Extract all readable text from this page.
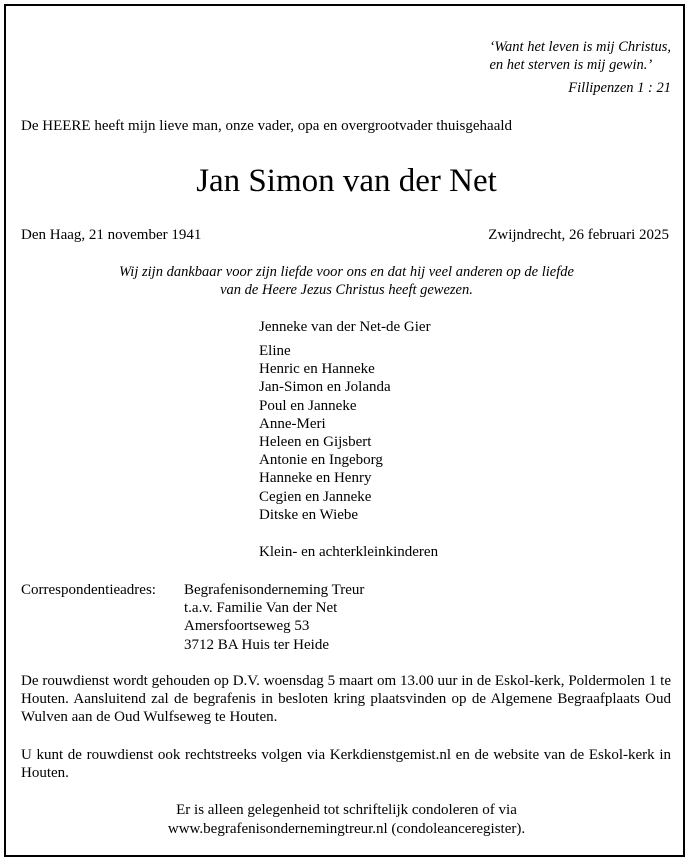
‘Want het leven is mij Christus,
en het sterven is mij gewin.’
Fillipenzen 1 : 21
De HEERE heeft mijn lieve man, onze vader, opa en overgrootvader thuisgehaald
Jan Simon van der Net
Den Haag, 21 november 1941	Zwijndrecht, 26 februari 2025
Wij zijn dankbaar voor zijn liefde voor ons en dat hij veel anderen op de liefde
van de Heere Jezus Christus heeft gewezen.
Jenneke van der Net-de Gier
Eline
Henric en Hanneke
Jan-Simon en Jolanda
Poul en Janneke
Anne-Meri
Heleen en Gijsbert
Antonie en Ingeborg
Hanneke en Henry
Cegien en Janneke
Ditske en Wiebe
Klein- en achterkleinkinderen
Correspondentieadres: Begrafenisonderneming Treur
t.a.v. Familie Van der Net
Amersfoortseweg 53
3712 BA Huis ter Heide
De rouwdienst wordt gehouden op D.V. woensdag 5 maart om 13.00 uur in de Eskol-kerk, Poldermolen 1 te Houten. Aansluitend zal de begrafenis in besloten kring plaatsvinden op de Algemene Begraafplaats Oud Wulven aan de Oud Wulfseweg te Houten.
U kunt de rouwdienst ook rechtstreeks volgen via Kerkdienstgemist.nl en de website van de Eskol-kerk in Houten.
Er is alleen gelegenheid tot schriftelijk condoleren of via
www.begrafenisondernemingtreur.nl (condoleanceregister).
